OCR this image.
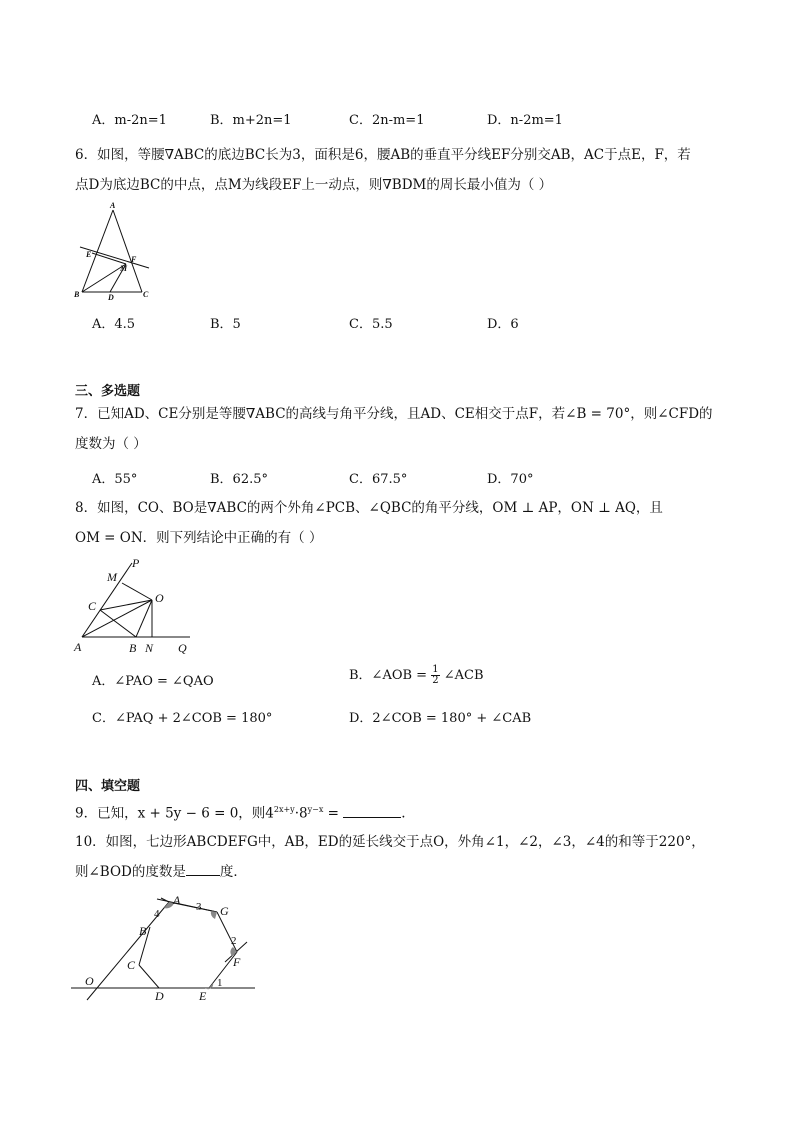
A．m-2n=1	B．m+2n=1	C．2n-m=1	D．n-2m=1
6．如图，等腰∇ABC的底边BC长为3，面积是6，腰AB的垂直平分线EF分别交AB，AC于点E，F，若
点D为底边BC的中点，点M为线段EF上一动点，则∇BDM的周长最小值为（ ）
A
E
F
M
B	D	C
A．4.5	B．5	C．5.5	D．6
三、多选题
7．已知AD、CE分别是等腰∇ABC的高线与角平分线，且AD、CE相交于点F，若∠B = 70°，则∠CFD的
度数为（ ）
A．55°	B．62.5°	C．67.5°	D．70°
8．如图，CO、BO是∇ABC的两个外角∠PCB、∠QBC的角平分线，OM ⊥ AP，ON ⊥ AQ，且
OM = ON．则下列结论中正确的有（ ）
M
P
C
O
A	B N Q
A．∠PAO = ∠QAO	B．∠AOB = $\frac{1}{2}$ ∠ACB
C．∠PAQ + 2∠COB = 180°	D．2∠COB = 180° + ∠CAB
四、填空题
9．已知，x + 5y − 6 = 0，则$4^{2x+y}\cdot 8^{y-x}$ =	.
10．如图，七边形ABCDEFG中，AB，ED的延长线交于点O，外角∠1，∠2，∠3，∠4的和等于220°，
则∠BOD的度数是	度．
A
G
B
C
D	E
F
O	1
2
3
4
